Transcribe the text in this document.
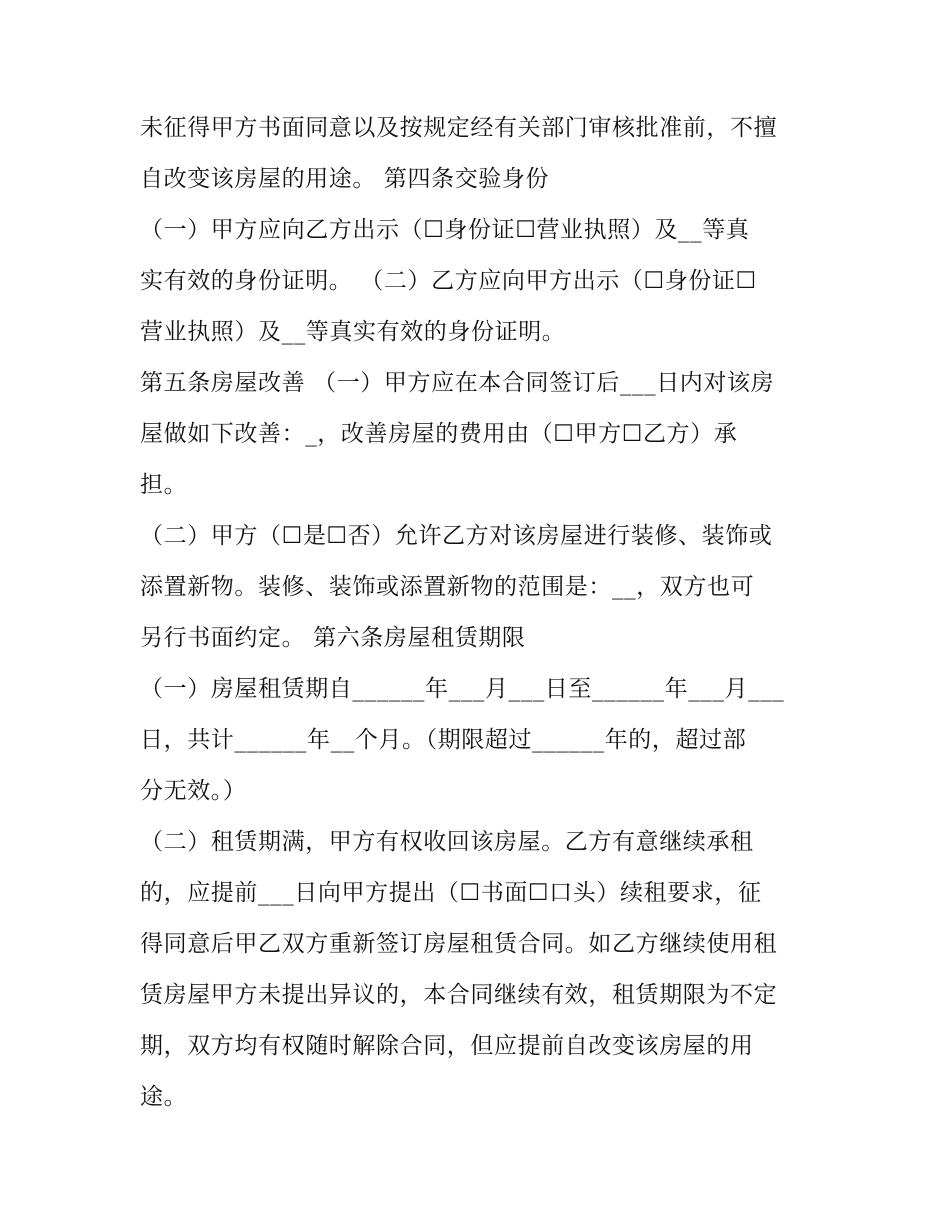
未征得甲方书面同意以及按规定经有关部门审核批准前，不擅
自改变该房屋的用途。 第四条交验身份
（一）甲方应向乙方出示（☐身份证☐营业执照）及__等真
实有效的身份证明。 （二）乙方应向甲方出示（☐身份证☐
营业执照）及__等真实有效的身份证明。
第五条房屋改善 （一）甲方应在本合同签订后___日内对该房
屋做如下改善：_，改善房屋的费用由（☐甲方☐乙方）承
担。
（二）甲方（☐是☐否）允许乙方对该房屋进行装修、装饰或
添置新物。装修、装饰或添置新物的范围是：__，双方也可
另行书面约定。 第六条房屋租赁期限
（一）房屋租赁期自______年___月___日至______年___月___
日，共计______年__个月。（期限超过______年的，超过部
分无效。）
（二）租赁期满，甲方有权收回该房屋。乙方有意继续承租
的，应提前___日向甲方提出（☐书面☐口头）续租要求，征
得同意后甲乙双方重新签订房屋租赁合同。如乙方继续使用租
赁房屋甲方未提出异议的，本合同继续有效，租赁期限为不定
期，双方均有权随时解除合同，但应提前自改变该房屋的用
途。
